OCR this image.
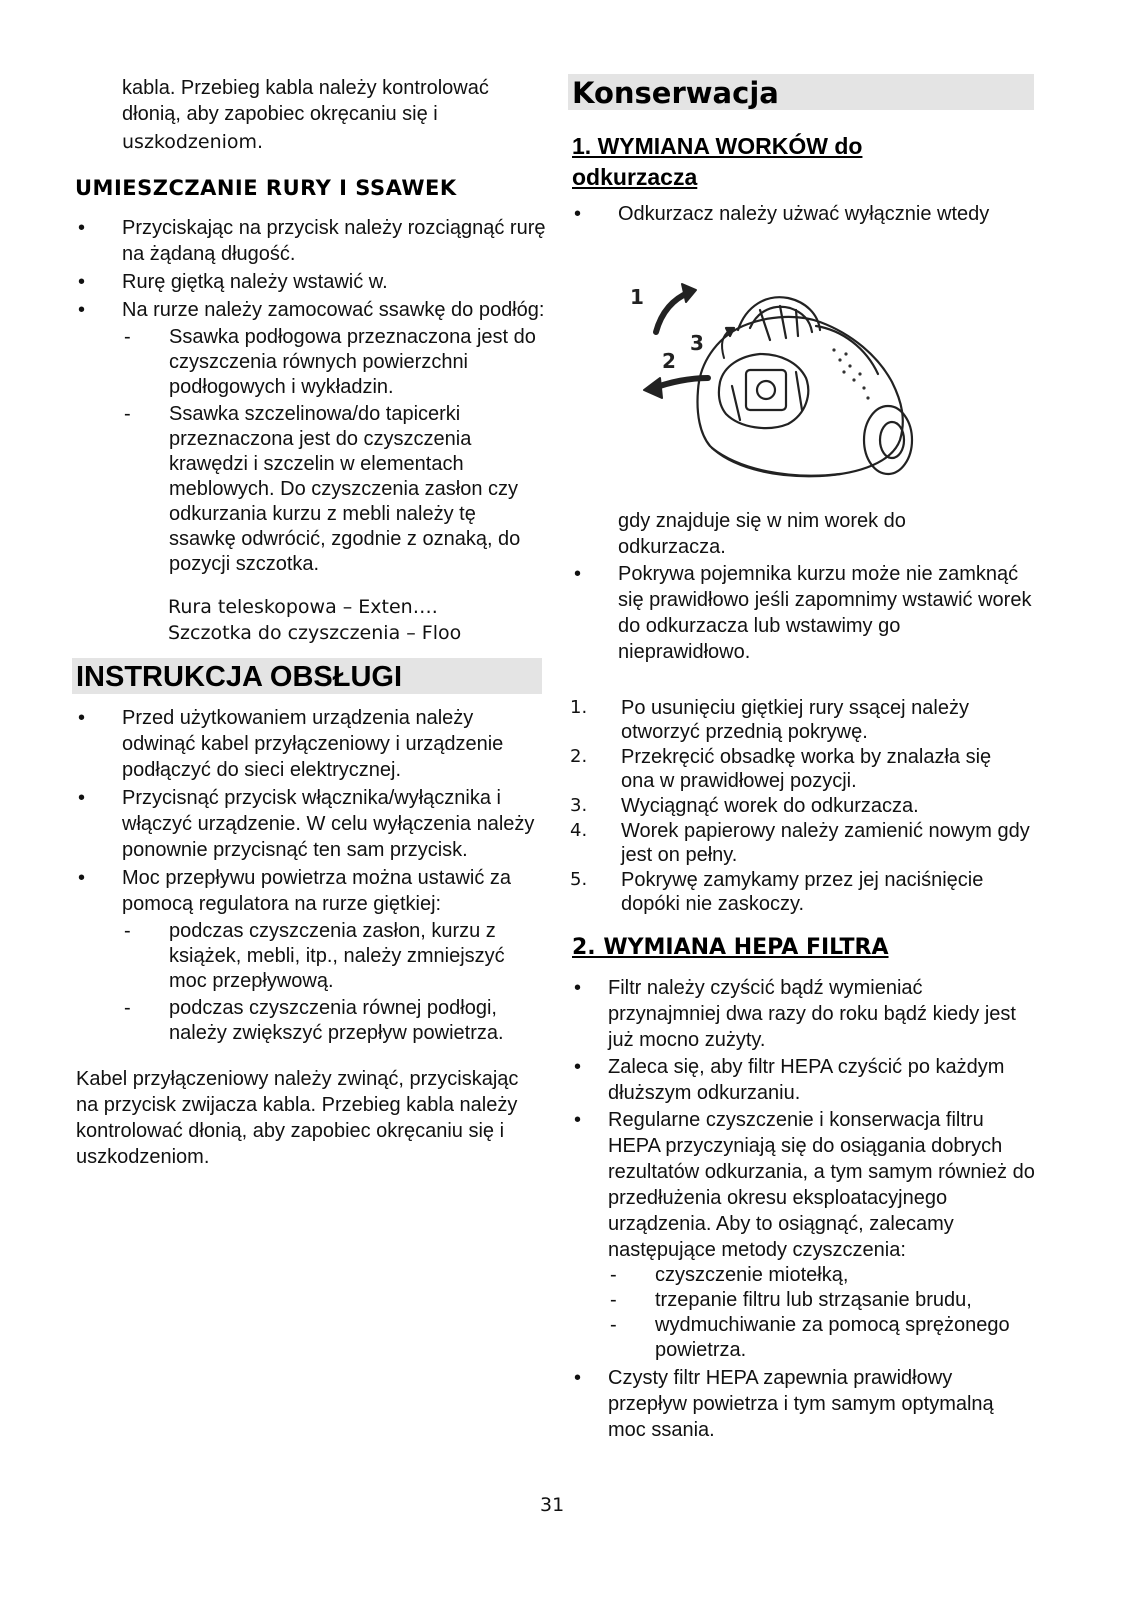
kabla. Przebieg kabla należy kontrolować
dłonią, aby zapobiec okręcaniu się i
uszkodzeniom.
UMIESZCZANIE RURY I SSAWEK
• Przyciskając na przycisk należy rozciągnąć rurę na żądaną długość.
• Rurę giętką należy wstawić w.
• Na rurze należy zamocować ssawkę do podłóg:
- Ssawka podłogowa przeznaczona jest do czyszczenia równych powierzchni podłogowych i wykładzin.
- Ssawka szczelinowa/do tapicerki przeznaczona jest do czyszczenia krawędzi i szczelin w elementach meblowych. Do czyszczenia zasłon czy odkurzania kurzu z mebli należy tę ssawkę odwrócić, zgodnie z oznaką, do pozycji szczotka.
Rura teleskopowa – Exten….
Szczotka do czyszczenia – Floo
INSTRUKCJA OBSŁUGI
• Przed użytkowaniem urządzenia należy odwinąć kabel przyłączeniowy i urządzenie podłączyć do sieci elektrycznej.
• Przycisnąć przycisk włącznika/wyłącznika i włączyć urządzenie. W celu wyłączenia należy ponownie przycisnąć ten sam przycisk.
• Moc przepływu powietrza można ustawić za pomocą regulatora na rurze giętkiej:
- podczas czyszczenia zasłon, kurzu z książek, mebli, itp., należy zmniejszyć moc przepływową.
- podczas czyszczenia równej podłogi, należy zwiększyć przepływ powietrza.
Kabel przyłączeniowy należy zwinąć, przyciskając na przycisk zwijacza kabla. Przebieg kabla należy kontrolować dłonią, aby zapobiec okręcaniu się i uszkodzeniom.
Konserwacja
1. WYMIANA WORKÓW do
odkurzacza
• Odkurzacz należy użwać wyłącznie wtedy
1
2
3
gdy znajduje się w nim worek do odkurzacza.
• Pokrywa pojemnika kurzu może nie zamknąć się prawidłowo jeśli zapomnimy wstawić worek do odkurzacza lub wstawimy go nieprawidłowo.
1. Po usunięciu giętkiej rury ssącej należy otworzyć przednią pokrywę.
2. Przekręcić obsadkę worka by znalazła się ona w prawidłowej pozycji.
3. Wyciągnąć worek do odkurzacza.
4. Worek papierowy należy zamienić nowym gdy jest on pełny.
5. Pokrywę zamykamy przez jej naciśnięcie dopóki nie zaskoczy.
2. WYMIANA HEPA FILTRA
• Filtr należy czyścić bądź wymieniać przynajmniej dwa razy do roku bądź kiedy jest już mocno zużyty.
• Zaleca się, aby filtr HEPA czyścić po każdym dłuższym odkurzaniu.
• Regularne czyszczenie i konserwacja filtru HEPA przyczyniają się do osiągania dobrych rezultatów odkurzania, a tym samym również do przedłużenia okresu eksploatacyjnego urządzenia. Aby to osiągnąć, zalecamy następujące metody czyszczenia:
- czyszczenie miotełką,
- trzepanie filtru lub strząsanie brudu,
- wydmuchiwanie za pomocą sprężonego powietrza.
• Czysty filtr HEPA zapewnia prawidłowy przepływ powietrza i tym samym optymalną moc ssania.
31
